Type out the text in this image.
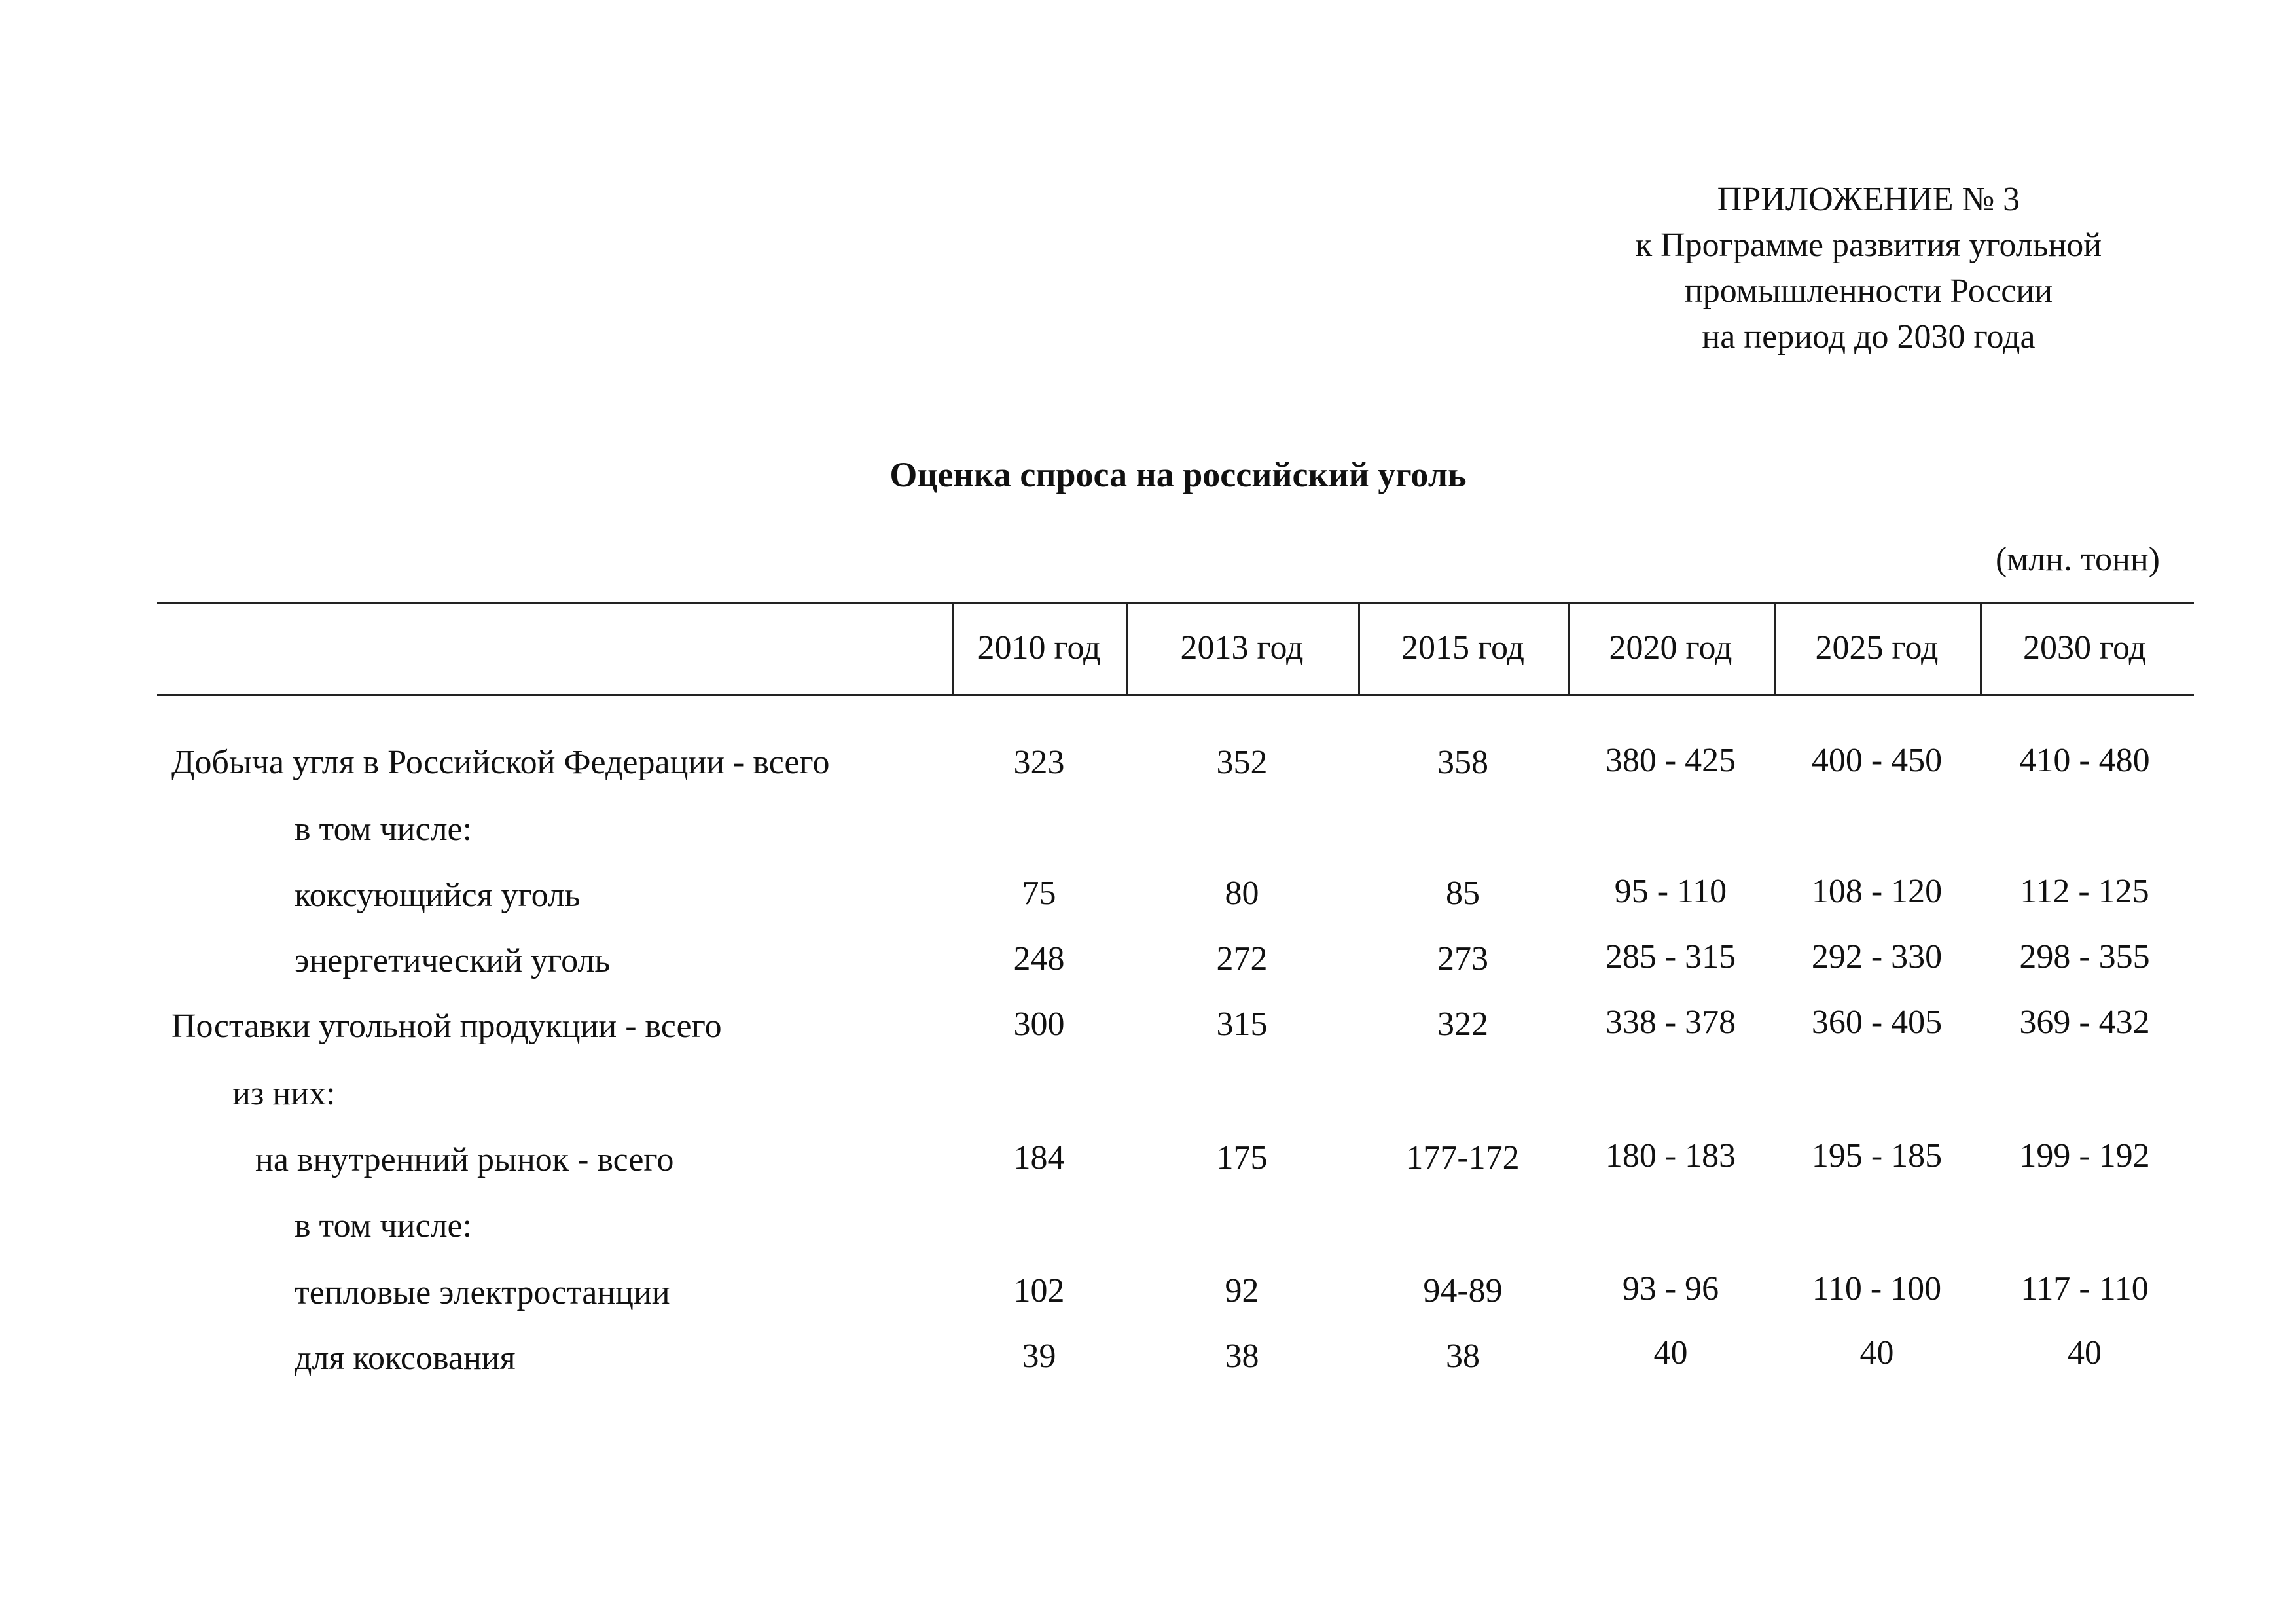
ПРИЛОЖЕНИЕ № 3
к Программе развития угольной
промышленности России
на период до 2030 года
Оценка спроса на российский уголь
(млн. тонн)
2010 год	2013 год	2015 год	2020 год	2025 год	2030 год
Добыча угля в Российской Федерации - всего	323	352	358	380 - 425	400 - 450	410 - 480
в том числе:
коксующийся уголь	75	80	85	95 - 110	108 - 120	112 - 125
энергетический уголь	248	272	273	285 - 315	292 - 330	298 - 355
Поставки угольной продукции - всего	300	315	322	338 - 378	360 - 405	369 - 432
из них:
на внутренний рынок - всего	184	175	177-172	180 - 183	195 - 185	199 - 192
в том числе:
тепловые электростанции	102	92	94-89	93 - 96	110 - 100	117 - 110
для коксования	39	38	38	40	40	40
